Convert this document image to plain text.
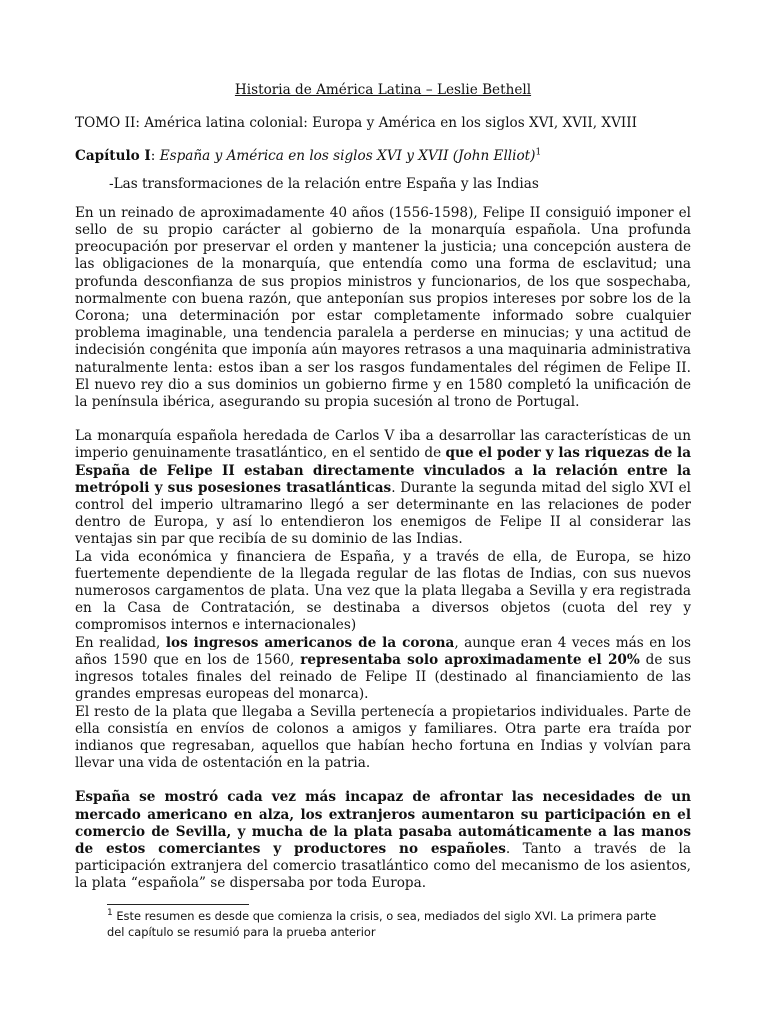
Historia de América Latina – Leslie Bethell
TOMO II: América latina colonial: Europa y América en los siglos XVI, XVII, XVIII
Capítulo I: España y América en los siglos XVI y XVII (John Elliot)$^1$
-Las transformaciones de la relación entre España y las Indias

En un reinado de aproximadamente 40 años (1556-1598), Felipe II consiguió imponer el sello de su propio carácter al gobierno de la monarquía española. Una profunda preocupación por preservar el orden y mantener la justicia; una concepción austera de las obligaciones de la monarquía, que entendía como una forma de esclavitud; una profunda desconfianza de sus propios ministros y funcionarios, de los que sospechaba, normalmente con buena razón, que anteponían sus propios intereses por sobre los de la Corona; una determinación por estar completamente informado sobre cualquier problema imaginable, una tendencia paralela a perderse en minucias; y una actitud de indecisión congénita que imponía aún mayores retrasos a una maquinaria administrativa naturalmente lenta: estos iban a ser los rasgos fundamentales del régimen de Felipe II. El nuevo rey dio a sus dominios un gobierno firme y en 1580 completó la unificación de la península ibérica, asegurando su propia sucesión al trono de Portugal.

La monarquía española heredada de Carlos V iba a desarrollar las características de un imperio genuinamente trasatlántico, en el sentido de que el poder y las riquezas de la España de Felipe II estaban directamente vinculados a la relación entre la metrópoli y sus posesiones trasatlánticas. Durante la segunda mitad del siglo XVI el control del imperio ultramarino llegó a ser determinante en las relaciones de poder dentro de Europa, y así lo entendieron los enemigos de Felipe II al considerar las ventajas sin par que recibía de su dominio de las Indias.

La vida económica y financiera de España, y a través de ella, de Europa, se hizo fuertemente dependiente de la llegada regular de las flotas de Indias, con sus nuevos numerosos cargamentos de plata. Una vez que la plata llegaba a Sevilla y era registrada en la Casa de Contratación, se destinaba a diversos objetos (cuota del rey y compromisos internos e internacionales)

En realidad, los ingresos americanos de la corona, aunque eran 4 veces más en los años 1590 que en los de 1560, representaba solo aproximadamente el 20% de sus ingresos totales finales del reinado de Felipe II (destinado al financiamiento de las grandes empresas europeas del monarca).

El resto de la plata que llegaba a Sevilla pertenecía a propietarios individuales. Parte de ella consistía en envíos de colonos a amigos y familiares. Otra parte era traída por indianos que regresaban, aquellos que habían hecho fortuna en Indias y volvían para llevar una vida de ostentación en la patria.

España se mostró cada vez más incapaz de afrontar las necesidades de un mercado americano en alza, los extranjeros aumentaron su participación en el comercio de Sevilla, y mucha de la plata pasaba automáticamente a las manos de estos comerciantes y productores no españoles. Tanto a través de la participación extranjera del comercio trasatlántico como del mecanismo de los asientos, la plata “española” se dispersaba por toda Europa.

$^1$ Este resumen es desde que comienza la crisis, o sea, mediados del siglo XVI. La primera parte del capítulo se resumió para la prueba anterior
